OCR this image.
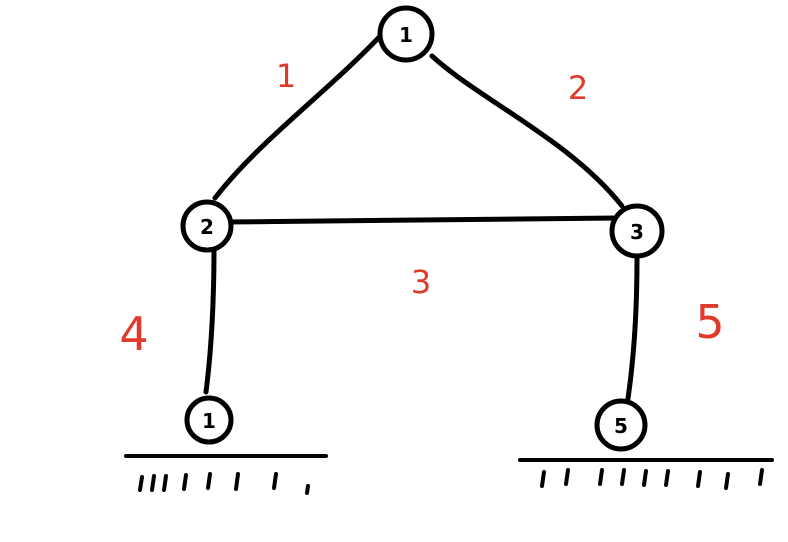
1
2	3
1	5
1	2
3
4	5
